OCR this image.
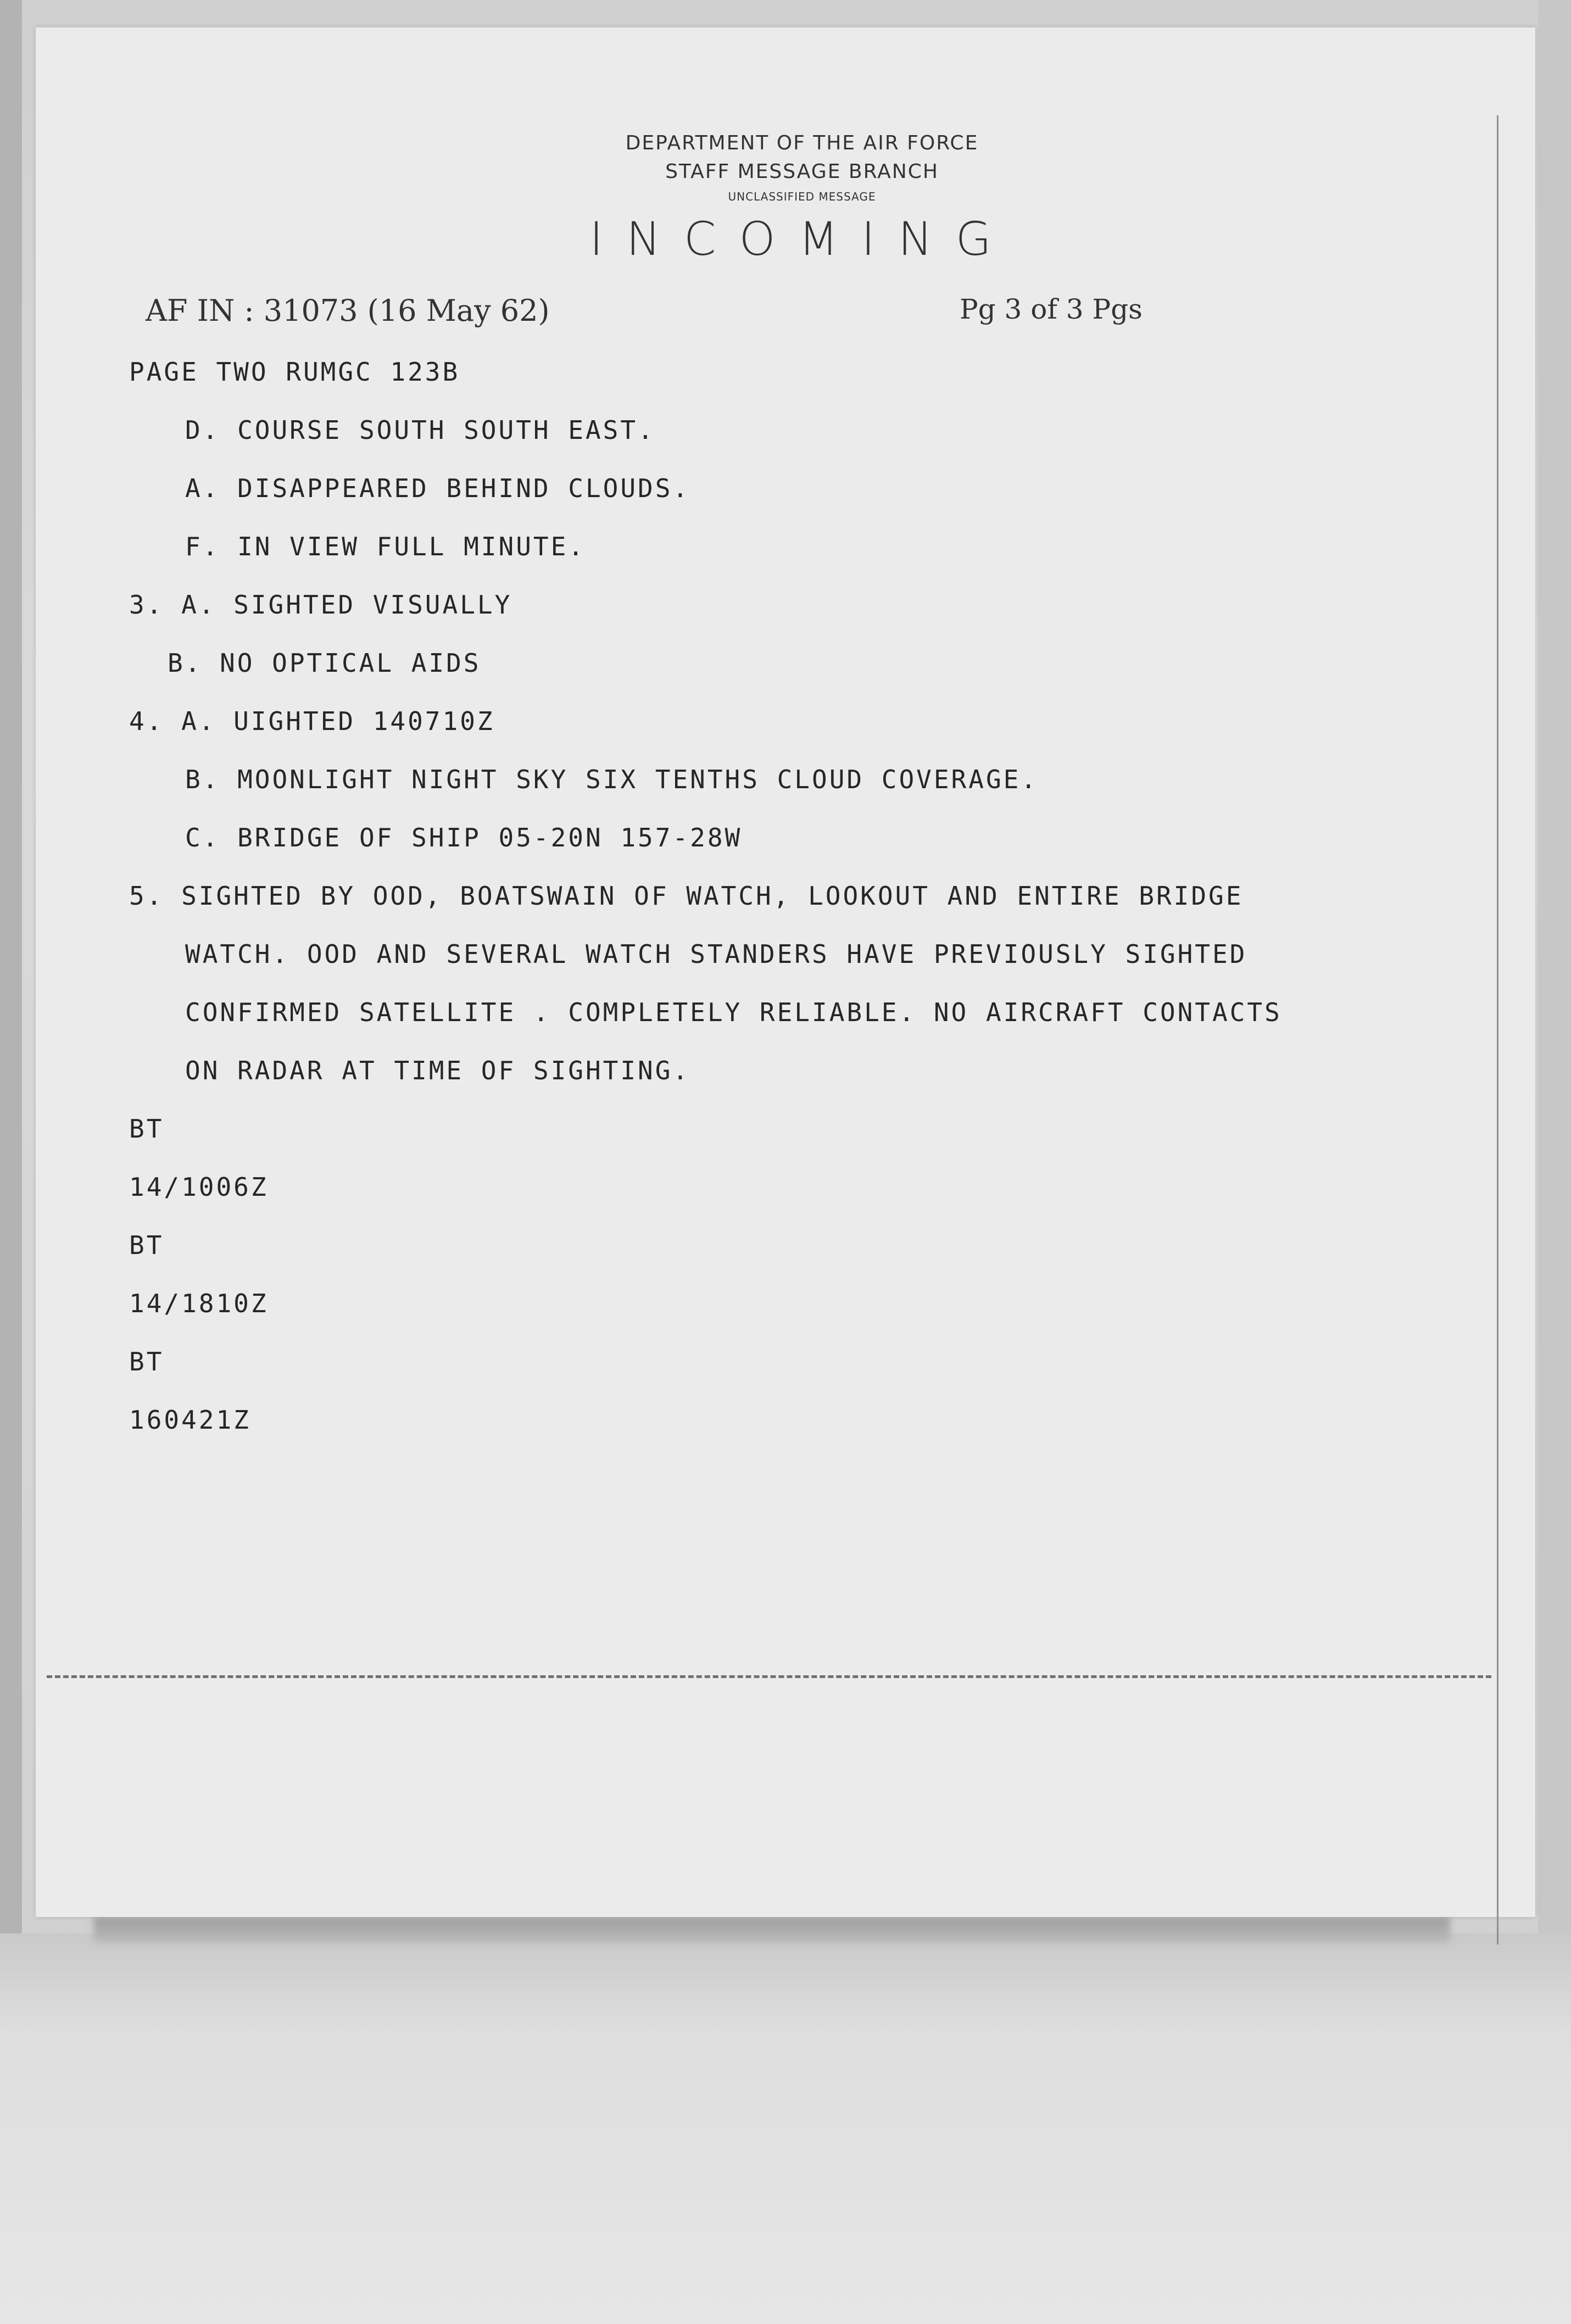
DEPARTMENT OF THE AIR FORCE
STAFF MESSAGE BRANCH
UNCLASSIFIED MESSAGE
INCOMING
AF IN : 31073 (16 May 62)	Pg 3 of 3 Pgs
PAGE TWO RUMGC 123B
D. COURSE SOUTH SOUTH EAST.
A. DISAPPEARED BEHIND CLOUDS.
F. IN VIEW FULL MINUTE.
3. A. SIGHTED VISUALLY
B. NO OPTICAL AIDS
4. A. UIGHTED 140710Z
B. MOONLIGHT NIGHT SKY SIX TENTHS CLOUD COVERAGE.
C. BRIDGE OF SHIP 05-20N 157-28W
5. SIGHTED BY OOD, BOATSWAIN OF WATCH, LOOKOUT AND ENTIRE BRIDGE
WATCH. OOD AND SEVERAL WATCH STANDERS HAVE PREVIOUSLY SIGHTED
CONFIRMED SATELLITE . COMPLETELY RELIABLE. NO AIRCRAFT CONTACTS
ON RADAR AT TIME OF SIGHTING.
BT
14/1006Z
BT
14/1810Z
BT
160421Z
